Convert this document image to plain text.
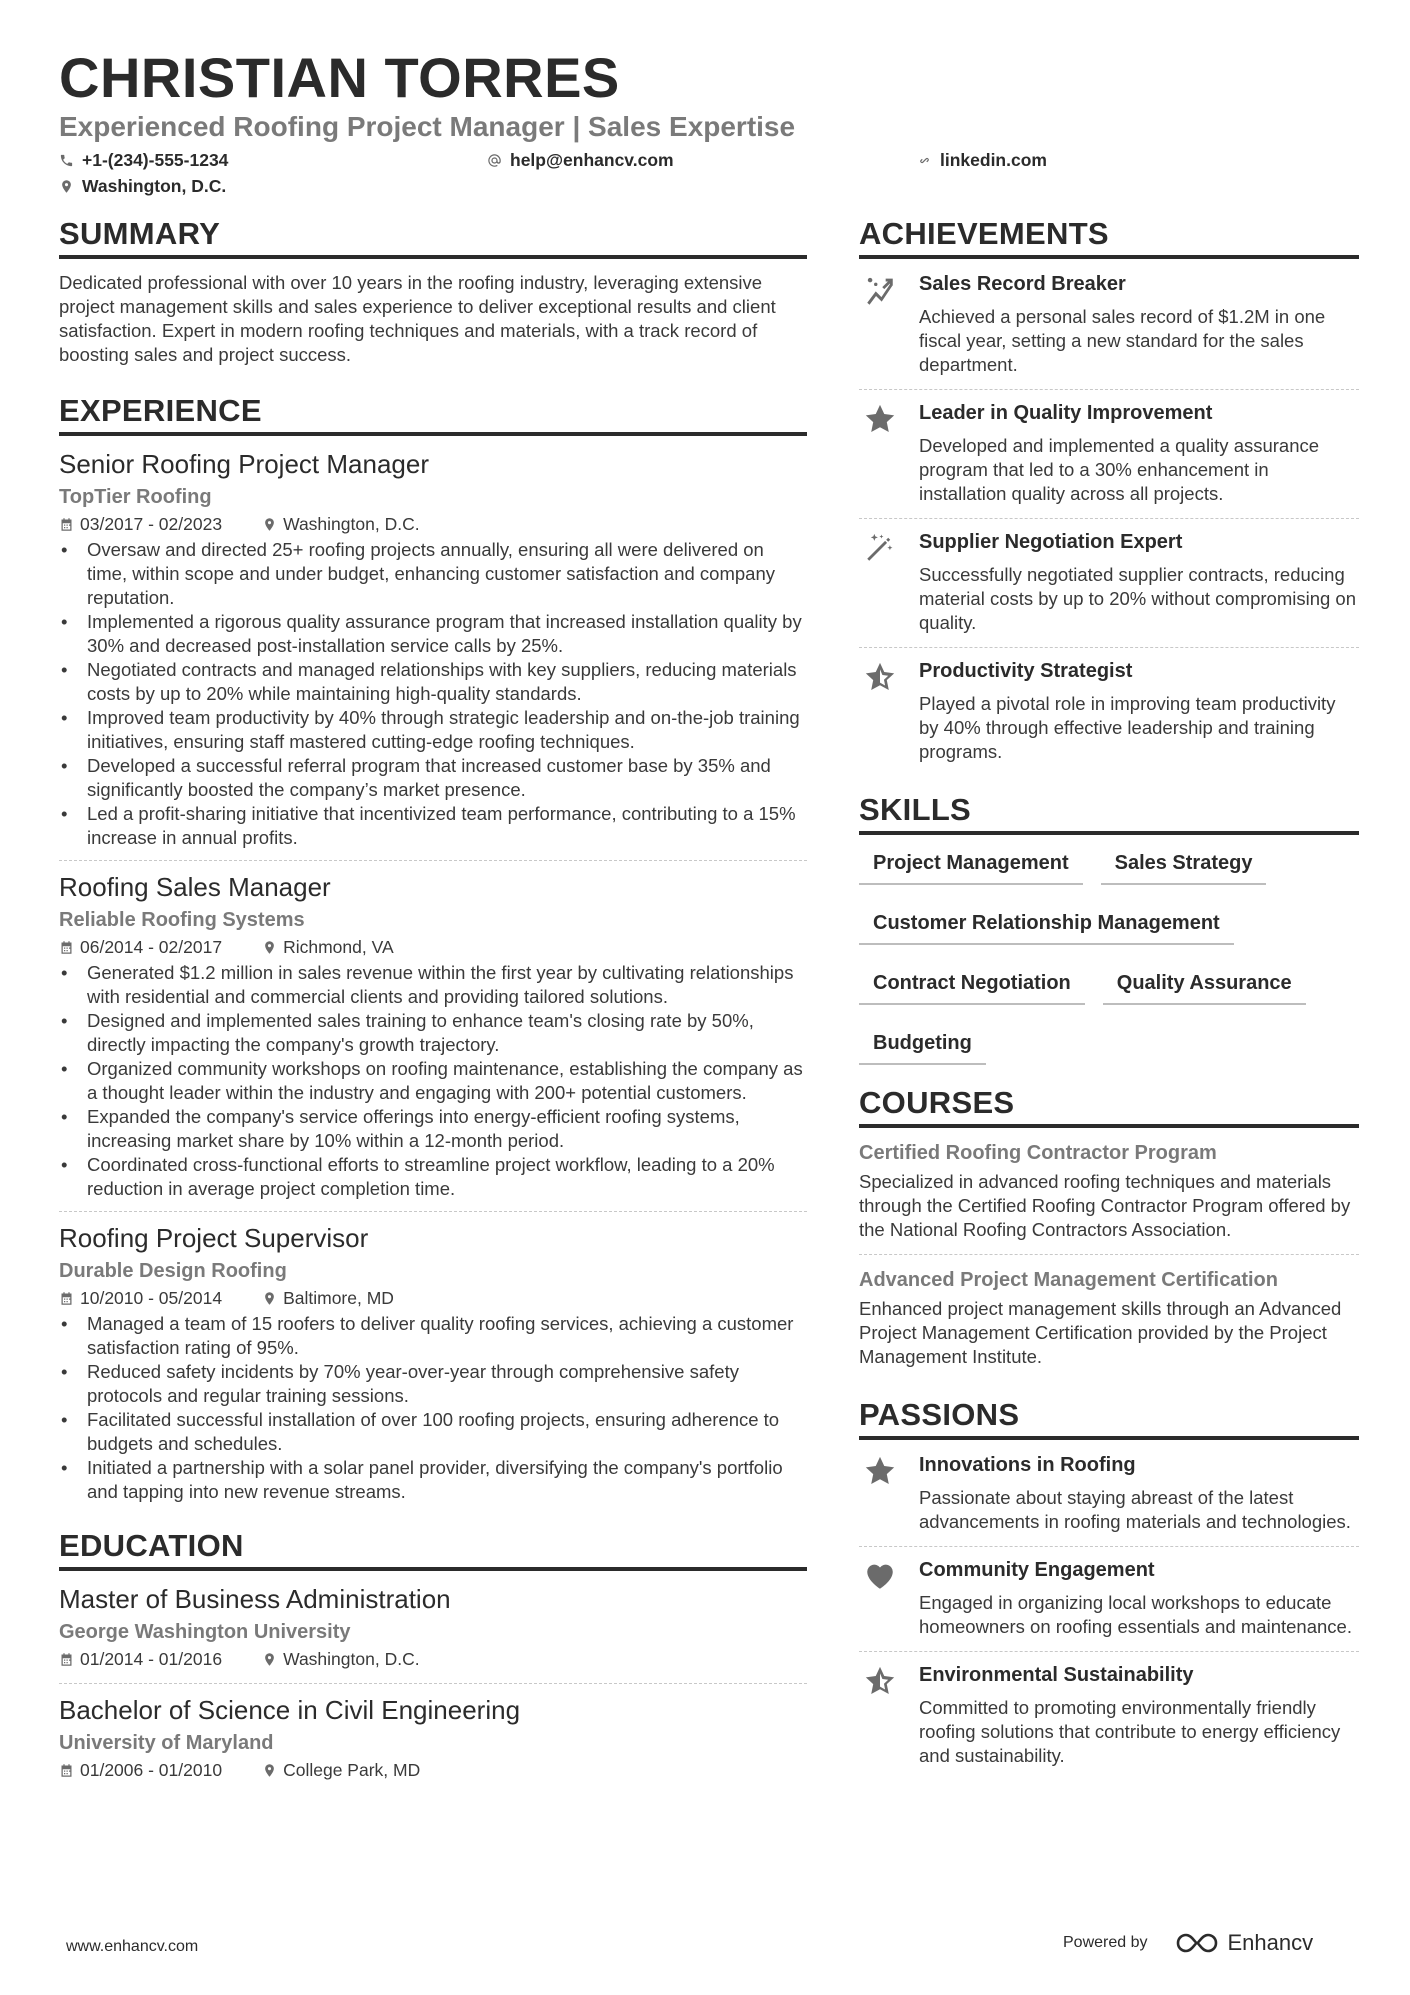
CHRISTIAN TORRES
Experienced Roofing Project Manager | Sales Expertise
+1-(234)-555-1234	help@enhancv.com	linkedin.com
Washington, D.C.
SUMMARY

Dedicated professional with over 10 years in the roofing industry, leveraging extensive project management skills and sales experience to deliver exceptional results and client satisfaction. Expert in modern roofing techniques and materials, with a track record of boosting sales and project success.

EXPERIENCE

Senior Roofing Project Manager

TopTier Roofing
03/2017 - 02/2023	Washington, D.C.
• Oversaw and directed 25+ roofing projects annually, ensuring all were delivered on time, within scope and under budget, enhancing customer satisfaction and company reputation.
• Implemented a rigorous quality assurance program that increased installation quality by 30% and decreased post-installation service calls by 25%.
• Negotiated contracts and managed relationships with key suppliers, reducing materials costs by up to 20% while maintaining high-quality standards.
• Improved team productivity by 40% through strategic leadership and on-the-job training initiatives, ensuring staff mastered cutting-edge roofing techniques.
• Developed a successful referral program that increased customer base by 35% and significantly boosted the company’s market presence.
• Led a profit-sharing initiative that incentivized team performance, contributing to a 15% increase in annual profits.

Roofing Sales Manager

Reliable Roofing Systems
06/2014 - 02/2017	Richmond, VA
• Generated $1.2 million in sales revenue within the first year by cultivating relationships with residential and commercial clients and providing tailored solutions.
• Designed and implemented sales training to enhance team's closing rate by 50%, directly impacting the company's growth trajectory.
• Organized community workshops on roofing maintenance, establishing the company as a thought leader within the industry and engaging with 200+ potential customers.
• Expanded the company's service offerings into energy-efficient roofing systems, increasing market share by 10% within a 12-month period.
• Coordinated cross-functional efforts to streamline project workflow, leading to a 20% reduction in average project completion time.

Roofing Project Supervisor

Durable Design Roofing
10/2010 - 05/2014	Baltimore, MD
• Managed a team of 15 roofers to deliver quality roofing services, achieving a customer satisfaction rating of 95%.
• Reduced safety incidents by 70% year-over-year through comprehensive safety protocols and regular training sessions.
• Facilitated successful installation of over 100 roofing projects, ensuring adherence to budgets and schedules.
• Initiated a partnership with a solar panel provider, diversifying the company's portfolio and tapping into new revenue streams.
EDUCATION

Master of Business Administration

George Washington University
01/2014 - 01/2016	Washington, D.C.

Bachelor of Science in Civil Engineering

University of Maryland
01/2006 - 01/2010	College Park, MD
ACHIEVEMENTS
Sales Record Breaker
Achieved a personal sales record of $1.2M in one fiscal year, setting a new standard for the sales department.
Leader in Quality Improvement
Developed and implemented a quality assurance program that led to a 30% enhancement in installation quality across all projects.
Supplier Negotiation Expert
Successfully negotiated supplier contracts, reducing material costs by up to 20% without compromising on quality.
Productivity Strategist
Played a pivotal role in improving team productivity by 40% through effective leadership and training programs.
SKILLS
Project Management	Sales Strategy
Customer Relationship Management
Contract Negotiation	Quality Assurance
Budgeting
COURSES
Certified Roofing Contractor Program
Specialized in advanced roofing techniques and materials through the Certified Roofing Contractor Program offered by the National Roofing Contractors Association.
Advanced Project Management Certification
Enhanced project management skills through an Advanced Project Management Certification provided by the Project Management Institute.
PASSIONS
Innovations in Roofing
Passionate about staying abreast of the latest advancements in roofing materials and technologies.
Community Engagement
Engaged in organizing local workshops to educate homeowners on roofing essentials and maintenance.
Environmental Sustainability
Committed to promoting environmentally friendly roofing solutions that contribute to energy efficiency and sustainability.
www.enhancv.com	Powered by	Enhancv
